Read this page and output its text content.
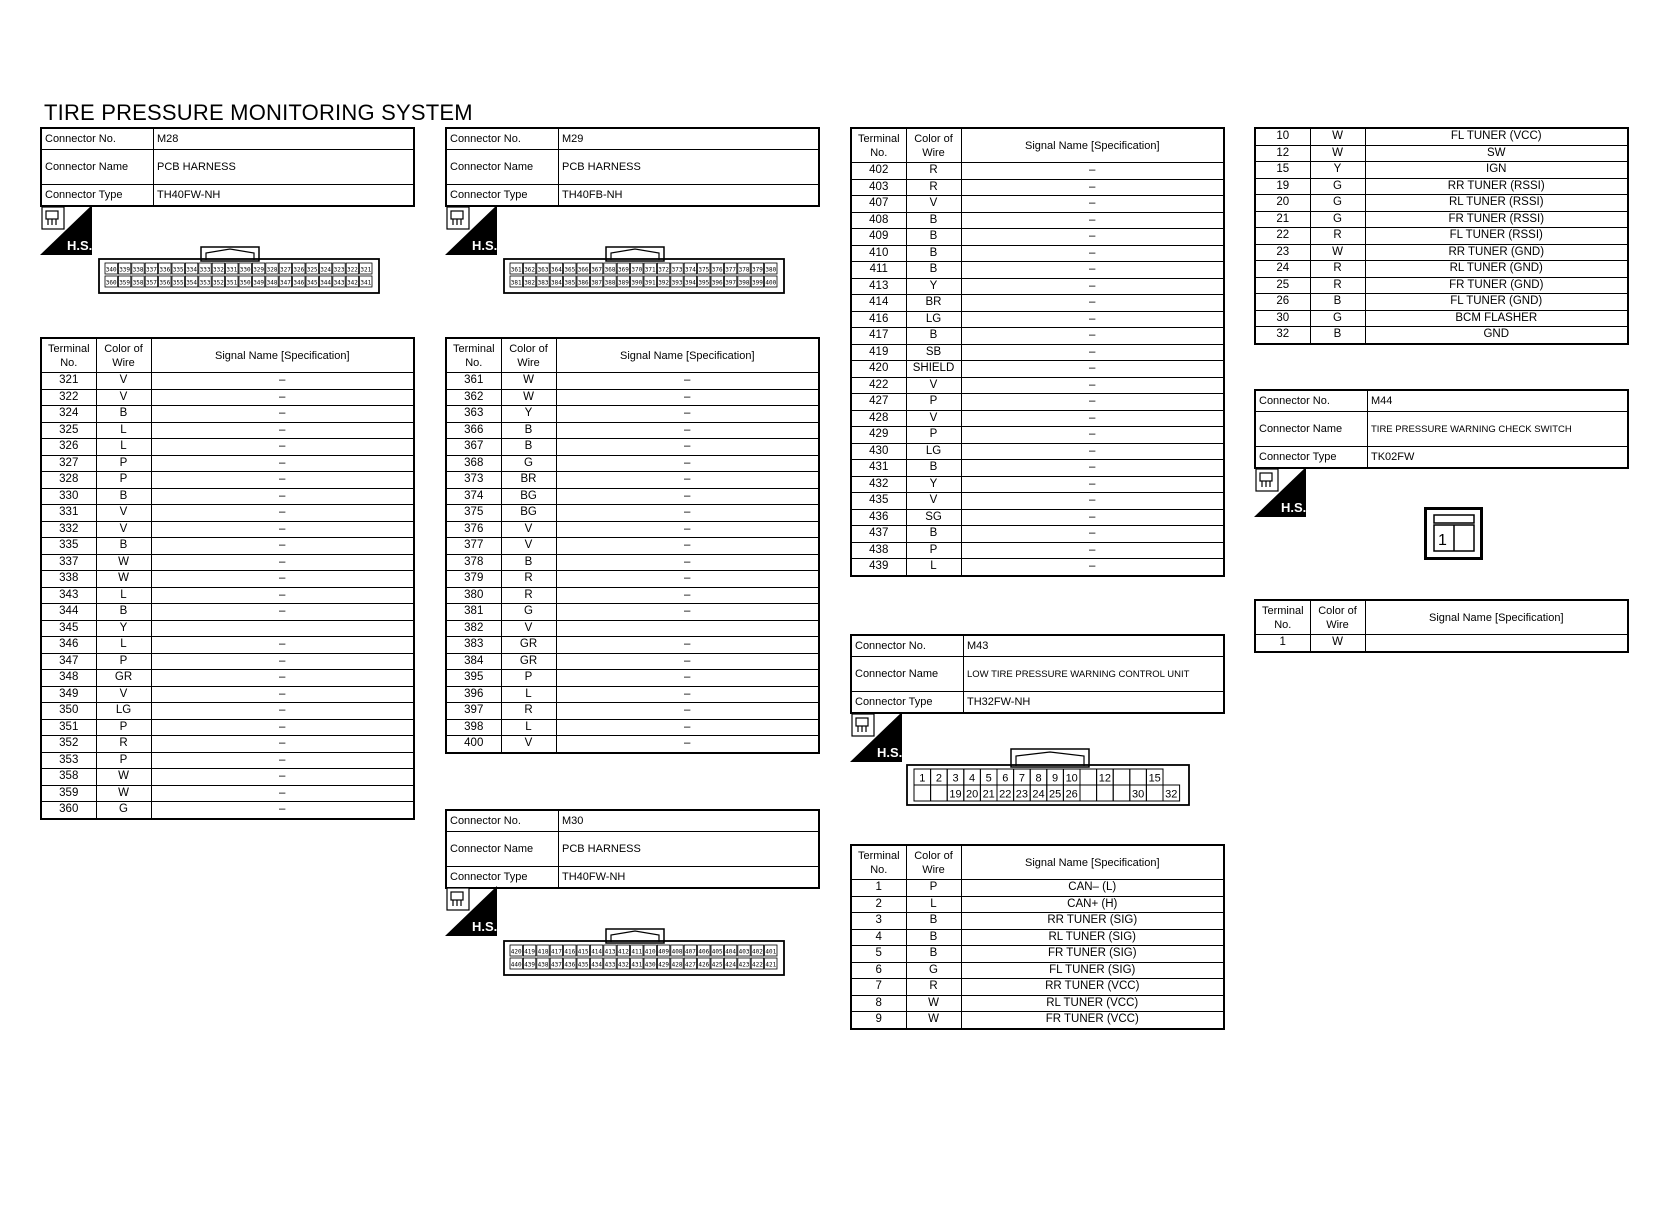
TIRE PRESSURE MONITORING SYSTEM
Connector No.	M28
Connector Name	PCB HARNESS
Connector Type	TH40FW-NH
H.S.
340 339 338 337 336 335 334 333 332 331 330 329 328 327 326 325 324 323 322 321
360 359 358 357 356 355 354 353 352 351 350 349 348 347 346 345 344 343 342 341
Terminal No.	Color of Wire	Signal Name [Specification]
321	V	–
322	V	–
324	B	–
325	L	–
326	L	–
327	P	–
328	P	–
330	B	–
331	V	–
332	V	–
335	B	–
337	W	–
338	W	–
343	L	–
344	B	–
345	Y	
346	L	–
347	P	–
348	GR	–
349	V	–
350	LG	–
351	P	–
352	R	–
353	P	–
358	W	–
359	W	–
360	G	–
Connector No.	M29
Connector Name	PCB HARNESS
Connector Type	TH40FB-NH
H.S.
361 362 363 364 365 366 367 368 369 370 371 372 373 374 375 376 377 378 379 380
381 382 383 384 385 386 387 388 389 390 391 392 393 394 395 396 397 398 399 400
Terminal No.	Color of Wire	Signal Name [Specification]
361	W	–
362	W	–
363	Y	–
366	B	–
367	B	–
368	G	–
373	BR	–
374	BG	–
375	BG	–
376	V	–
377	V	–
378	B	–
379	R	–
380	R	–
381	G	–
382	V	
383	GR	–
384	GR	–
395	P	–
396	L	–
397	R	–
398	L	–
400	V	–
Connector No.	M30
Connector Name	PCB HARNESS
Connector Type	TH40FW-NH
H.S.
420 419 418 417 416 415 414 413 412 411 410 409 408 407 406 405 404 403 402 401
440 439 438 437 436 435 434 433 432 431 430 429 428 427 426 425 424 423 422 421
Terminal No.	Color of Wire	Signal Name [Specification]
402	R	–
403	R	–
407	V	–
408	B	–
409	B	–
410	B	–
411	B	–
413	Y	–
414	BR	–
416	LG	–
417	B	–
419	SB	–
420	SHIELD	–
422	V	–
427	P	–
428	V	–
429	P	–
430	LG	–
431	B	–
432	Y	–
435	V	–
436	SG	–
437	B	–
438	P	–
439	L	–
Connector No.	M43
Connector Name	LOW TIRE PRESSURE WARNING CONTROL UNIT
Connector Type	TH32FW-NH
H.S.
1 2 3 4 5 6 7 8 9 10 12	15
19 20 21 22 23 24 25 26	30 32
Terminal No.	Color of Wire	Signal Name [Specification]
1	P	CAN– (L)
2	L	CAN+ (H)
3	B	RR TUNER (SIG)
4	B	RL TUNER (SIG)
5	B	FR TUNER (SIG)
6	G	FL TUNER (SIG)
7	R	RR TUNER (VCC)
8	W	RL TUNER (VCC)
9	W	FR TUNER (VCC)
10	W	FL TUNER (VCC)
12	W	SW
15	Y	IGN
19	G	RR TUNER (RSSI)
20	G	RL TUNER (RSSI)
21	G	FR TUNER (RSSI)
22	R	FL TUNER (RSSI)
23	W	RR TUNER (GND)
24	R	RL TUNER (GND)
25	R	FR TUNER (GND)
26	B	FL TUNER (GND)
30	G	BCM FLASHER
32	B	GND
Connector No.	M44
Connector Name	TIRE PRESSURE WARNING CHECK SWITCH
Connector Type	TK02FW
H.S.
1
Terminal No.	Color of Wire	Signal Name [Specification]
1	W	
